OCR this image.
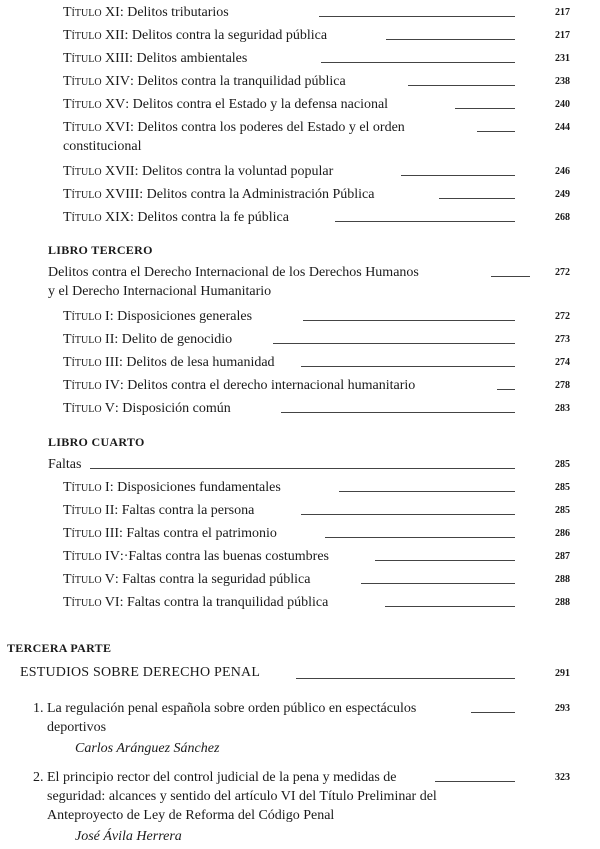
Título XI: Delitos tributarios	217
Título XII: Delitos contra la seguridad pública	217
Título XIII: Delitos ambientales	231
Título XIV: Delitos contra la tranquilidad pública	238
Título XV: Delitos contra el Estado y la defensa nacional	240
Título XVI: Delitos contra los poderes del Estado y el orden	244
constitucional
Título XVII: Delitos contra la voluntad popular	246
Título XVIII: Delitos contra la Administración Pública	249
Título XIX: Delitos contra la fe pública	268
LIBRO TERCERO
Delitos contra el Derecho Internacional de los Derechos Humanos	272
y el Derecho Internacional Humanitario
Título I: Disposiciones generales	272
Título II: Delito de genocidio	273
Título III: Delitos de lesa humanidad	274
Título IV: Delitos contra el derecho internacional humanitario	278
Título V: Disposición común	283
LIBRO CUARTO
Faltas	285
Título I: Disposiciones fundamentales	285
Título II: Faltas contra la persona	285
Título III: Faltas contra el patrimonio	286
Título IV:·Faltas contra las buenas costumbres	287
Título V: Faltas contra la seguridad pública	288
Título VI: Faltas contra la tranquilidad pública	288
TERCERA PARTE
ESTUDIOS SOBRE DERECHO PENAL	291
1. La regulación penal española sobre orden público en espectáculos	293
deportivos
Carlos Aránguez Sánchez
2. El principio rector del control judicial de la pena y medidas de	323
seguridad: alcances y sentido del artículo VI del Título Preliminar del
Anteproyecto de Ley de Reforma del Código Penal
José Ávila Herrera
